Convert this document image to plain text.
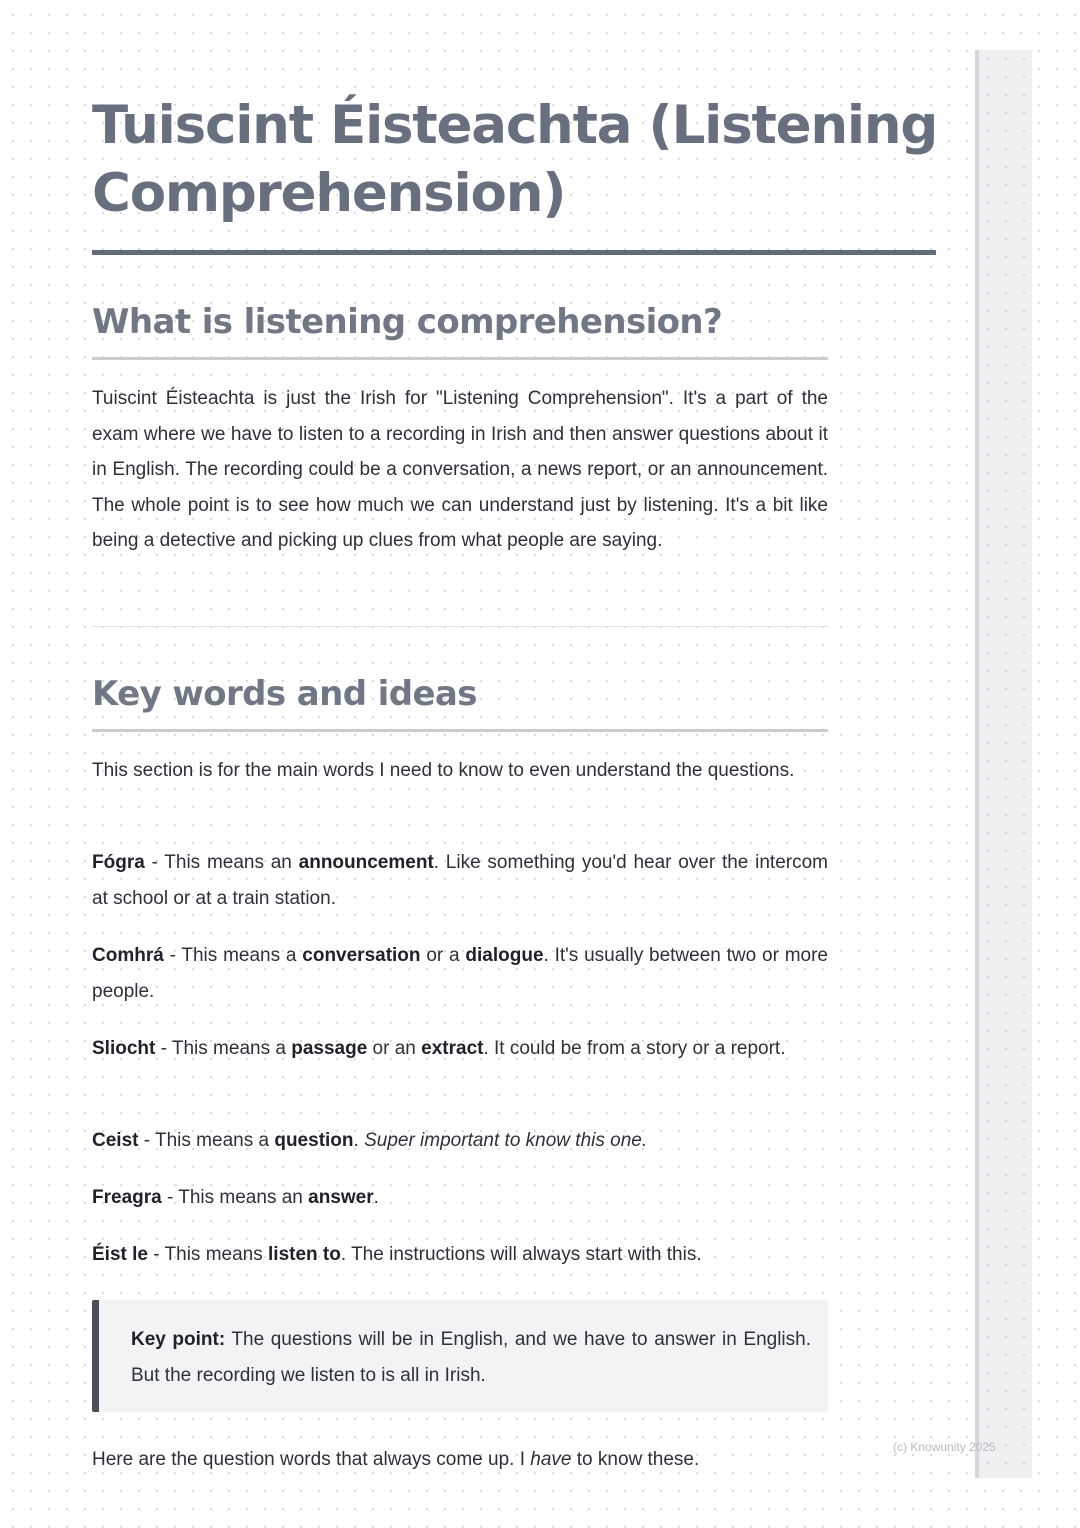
Tuiscint Éisteachta (Listening Comprehension)
What is listening comprehension?

Tuiscint Éisteachta is just the Irish for "Listening Comprehension". It's a part of the exam where we have to listen to a recording in Irish and then answer questions about it in English. The recording could be a conversation, a news report, or an announcement. The whole point is to see how much we can understand just by listening. It's a bit like being a detective and picking up clues from what people are saying.

Key words and ideas

This section is for the main words I need to know to even understand the questions.

Fógra - This means an announcement. Like something you'd hear over the intercom at school or at a train station.

Comhrá - This means a conversation or a dialogue. It's usually between two or more people.

Sliocht - This means a passage or an extract. It could be from a story or a report.

Ceist - This means a question. Super important to know this one.

Freagra - This means an answer.

Éist le - This means listen to. The instructions will always start with this.

Key point: The questions will be in English, and we have to answer in English. But the recording we listen to is all in Irish.

Here are the question words that always come up. I have to know these.

(c) Knowunity 2025
